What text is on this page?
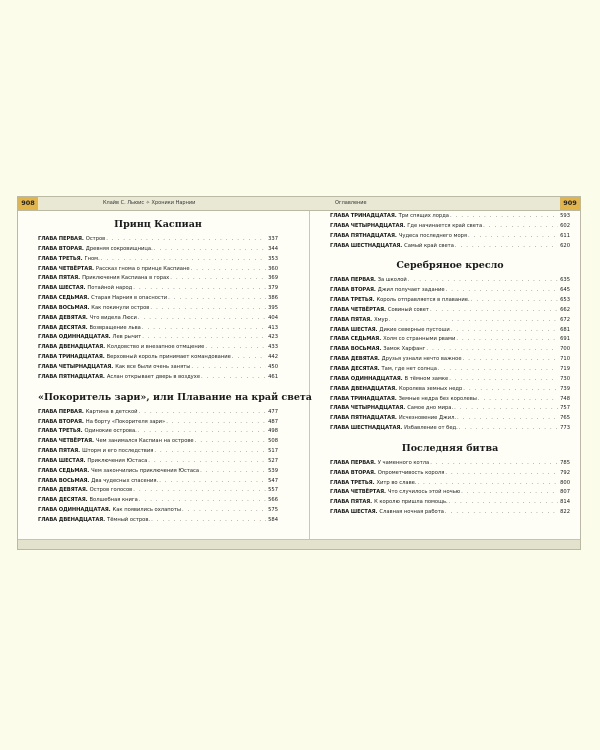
908	Клайв С. Льюис ✧ Хроники Нарнии	Оглавление	909
Принц Каспиан
ГЛАВА ПЕРВАЯ. Остров . . .	337
ГЛАВА ВТОРАЯ. Древняя сокровищница. . . .	344
ГЛАВА ТРЕТЬЯ. Гном. . . .	353
ГЛАВА ЧЕТВЁРТАЯ. Рассказ гнома о принце Каспиане . . .	360
ГЛАВА ПЯТАЯ. Приключения Каспиана в горах . . .	369
ГЛАВА ШЕСТАЯ. Потайной народ . . .	379
ГЛАВА СЕДЬМАЯ. Старая Нарния в опасности . . .	386
ГЛАВА ВОСЬМАЯ. Как покинули остров . . .	395
ГЛАВА ДЕВЯТАЯ. Что видела Люси . . .	404
ГЛАВА ДЕСЯТАЯ. Возвращение льва . . .	413
ГЛАВА ОДИННАДЦАТАЯ. Лев рычит . . .	423
ГЛАВА ДВЕНАДЦАТАЯ. Колдовство и внезапное отмщение . . .	433
ГЛАВА ТРИНАДЦАТАЯ. Верховный король принимает командование . . .	442
ГЛАВА ЧЕТЫРНАДЦАТАЯ. Как все были очень заняты . . .	450
ГЛАВА ПЯТНАДЦАТАЯ. Аслан открывает дверь в воздухе . . .	461
«Покоритель зари», или Плавание на край света
ГЛАВА ПЕРВАЯ. Картина в детской . . .	477
ГЛАВА ВТОРАЯ. На борту «Покорителя зари» . . .	487
ГЛАВА ТРЕТЬЯ. Одинокие острова. . . .	498
ГЛАВА ЧЕТВЁРТАЯ. Чем занимался Каспиан на острове . . .	508
ГЛАВА ПЯТАЯ. Шторм и его последствия . . .	517
ГЛАВА ШЕСТАЯ. Приключения Юстаса . . .	527
ГЛАВА СЕДЬМАЯ. Чем закончились приключения Юстаса . . .	539
ГЛАВА ВОСЬМАЯ. Два чудесных спасения. . . .	547
ГЛАВА ДЕВЯТАЯ. Остров голосов . . .	557
ГЛАВА ДЕСЯТАЯ. Волшебная книга . . .	566
ГЛАВА ОДИННАДЦАТАЯ. Как появились охлапоты . . .	575
ГЛАВА ДВЕНАДЦАТАЯ. Тёмный остров. . . .	584
ГЛАВА ТРИНАДЦАТАЯ. Три спящих лорда . . .	593
ГЛАВА ЧЕТЫРНАДЦАТАЯ. Где начинается край света . . .	602
ГЛАВА ПЯТНАДЦАТАЯ. Чудеса последнего моря . . .	611
ГЛАВА ШЕСТНАДЦАТАЯ. Самый край света . . .	620
Серебряное кресло
ГЛАВА ПЕРВАЯ. За школой . . .	635
ГЛАВА ВТОРАЯ. Джил получает задание . . .	645
ГЛАВА ТРЕТЬЯ. Король отправляется в плавание. . . .	653
ГЛАВА ЧЕТВЁРТАЯ. Совиный совет . . .	662
ГЛАВА ПЯТАЯ. Хмур . . .	672
ГЛАВА ШЕСТАЯ. Дикие северные пустоши . . .	681
ГЛАВА СЕДЬМАЯ. Холм со странными рвами . . .	691
ГЛАВА ВОСЬМАЯ. Замок Харфанг . . .	700
ГЛАВА ДЕВЯТАЯ. Друзья узнали нечто важное . . .	710
ГЛАВА ДЕСЯТАЯ. Там, где нет солнца . . .	719
ГЛАВА ОДИННАДЦАТАЯ. В тёмном замке . . .	730
ГЛАВА ДВЕНАДЦАТАЯ. Королева земных недр . . .	739
ГЛАВА ТРИНАДЦАТАЯ. Земные недра без королевы . . .	748
ГЛАВА ЧЕТЫРНАДЦАТАЯ. Самое дно мира. . . .	757
ГЛАВА ПЯТНАДЦАТАЯ. Исчезновение Джил. . . .	765
ГЛАВА ШЕСТНАДЦАТАЯ. Избавление от бед. . . .	773
Последняя битва
ГЛАВА ПЕРВАЯ. У чаменного котла . . .	785
ГЛАВА ВТОРАЯ. Опрометчивость короля . . .	792
ГЛАВА ТРЕТЬЯ. Хитр во славе. . . .	800
ГЛАВА ЧЕТВЁРТАЯ. Что случилось этой ночью . . .	807
ГЛАВА ПЯТАЯ. К королю пришла помощь. . . .	814
ГЛАВА ШЕСТАЯ. Славная ночная работа . . .	822
